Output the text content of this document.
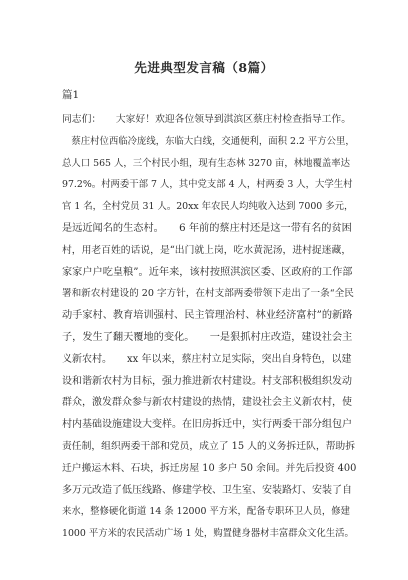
先进典型发言稿（8篇）
篇1
同志们：　　大家好！欢迎各位领导到淇滨区蔡庄村检查指导工作。
　蔡庄村位西临冷庞线，东临大白线，交通便利，面积 2.2 平方公里，
总人口 565 人，三个村民小组，现有生态林 3270 亩，林地覆盖率达
97.2%。村两委干部 7 人，其中党支部 4 人，村两委 3 人，大学生村
官 1 名，全村党员 31 人。20xx 年农民人均纯收入达到 7000 多元，
是远近闻名的生态村。　　6 年前的蔡庄村还是这一带有名的贫困
村，用老百姓的话说，是“出门就上岗，吃水黄泥汤，进村捉迷藏，
家家户户吃皇粮”。近年来，该村按照淇滨区委、区政府的工作部
署和新农村建设的 20 字方针，在村支部两委带领下走出了一条“全民
动手家村、教育培训强村、民主管理治村、林业经济富村”的新路
子，发生了翻天覆地的变化。　　一是狠抓村庄改造，建设社会主
义新农村。　　xx 年以来，蔡庄村立足实际，突出自身特色，以建
设和谐新农村为目标，强力推进新农村建设。村支部积极组织发动
群众，激发群众参与新农村建设的热情，建设社会主义新农村，使
村内基础设施建设大变样。在旧房拆迁中，实行两委干部分组包户
责任制，组织两委干部和党员，成立了 15 人的义务拆迁队，帮助拆
迁户搬运木料、石块，拆迁房屋 10 多户 50 余间。并先后投资 400
多万元改造了低压线路、修建学校、卫生室、安装路灯、安装了自
来水，整修硬化街道 14 条 12000 平方米，配备专职环卫人员，修建
1000 平方米的农民活动广场 1 处，购置健身器材丰富群众文化生活。
